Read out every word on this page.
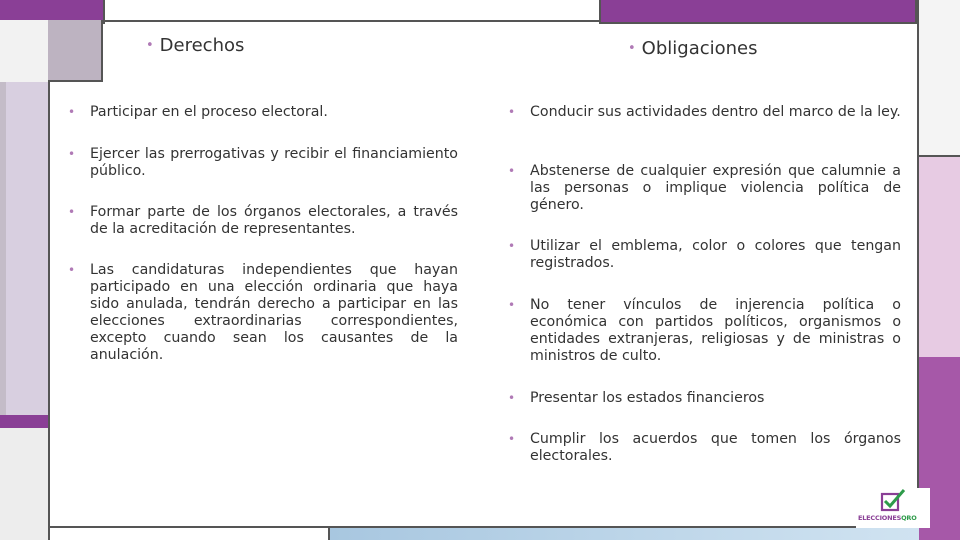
• Derechos	• Obligaciones
• Participar en el proceso electoral.
• Ejercer las prerrogativas y recibir el financiamiento público.
• Formar parte de los órganos electorales, a través de la acreditación de representantes.
• Las candidaturas independientes que hayan participado en una elección ordinaria que haya sido anulada, tendrán derecho a participar en las elecciones extraordinarias correspondientes, excepto cuando sean los causantes de la anulación.
• Conducir sus actividades dentro del marco de la ley.
• Abstenerse de cualquier expresión que calumnie a las personas o implique violencia política de género.
• Utilizar el emblema, color o colores que tengan registrados.
• No tener vínculos de injerencia política o económica con partidos políticos, organismos o entidades extranjeras, religiosas y de ministras o ministros de culto.
• Presentar los estados financieros
• Cumplir los acuerdos que tomen los órganos electorales.
ELECCIONESQRO
